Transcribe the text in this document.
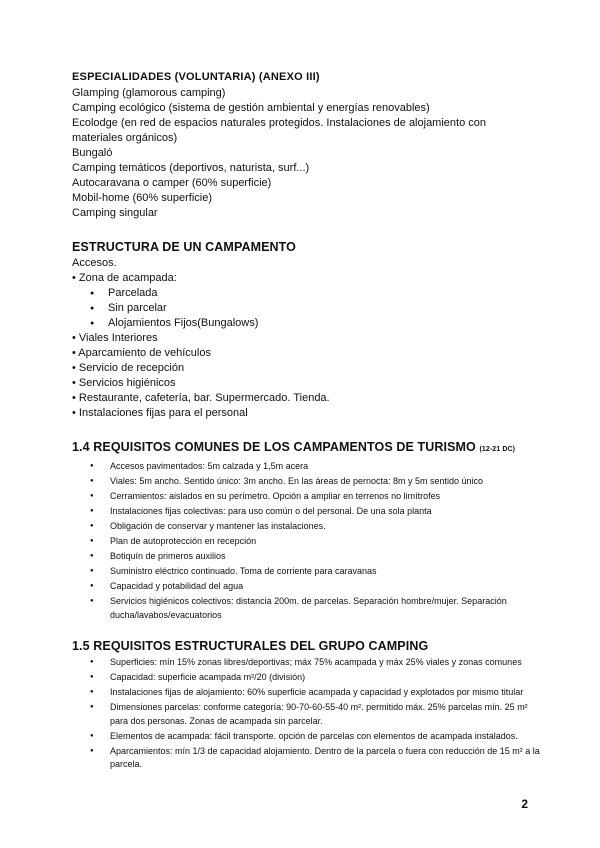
ESPECIALIDADES (VOLUNTARIA) (ANEXO III)
Glamping (glamorous camping)
Camping ecológico (sistema de gestión ambiental y energías renovables)
Ecolodge (en red de espacios naturales protegidos. Instalaciones de alojamiento con
materiales orgánicos)
Bungaló
Camping temáticos (deportivos, naturista, surf...)
Autocaravana o camper (60% superficie)
Mobil-home (60% superficie)
Camping singular
ESTRUCTURA DE UN CAMPAMENTO
Accesos.
• Zona de acampada:
● Parcelada
● Sin parcelar
● Alojamientos Fijos(Bungalows)
• Viales Interiores
• Aparcamiento de vehículos
• Servicio de recepción
• Servicios higiénicos
• Restaurante, cafetería, bar. Supermercado. Tienda.
• Instalaciones fijas para el personal
1.4 REQUISITOS COMUNES DE LOS CAMPAMENTOS DE TURISMO (12-21 DC)
● Accesos pavimentados: 5m calzada y 1,5m acera
● Viales: 5m ancho. Sentido único: 3m ancho. En las áreas de pernocta: 8m y 5m sentido único
● Cerramientos: aislados en su perímetro. Opción a ampliar en terrenos no limítrofes
● Instalaciones fijas colectivas: para uso común o del personal. De una sola planta
● Obligación de conservar y mantener las instalaciones.
● Plan de autoprotección en recepción
● Botiquín de primeros auxilios
● Suministro eléctrico continuado. Toma de corriente para caravanas
● Capacidad y potabilidad del agua
● Servicios higiénicos colectivos: distancia 200m. de parcelas. Separación hombre/mujer. Separación ducha/lavabos/evacuatorios
1.5 REQUISITOS ESTRUCTURALES DEL GRUPO CAMPING
● Superficies: mín 15% zonas libres/deportivas; máx 75% acampada y máx 25% viales y zonas comunes
● Capacidad: superficie acampada m²/20 (división)
● Instalaciones fijas de alojamiento: 60% superficie acampada y capacidad y explotados por mismo titular
● Dimensiones parcelas: conforme categoría: 90-70-60-55-40 m². permitido máx. 25% parcelas mín. 25 m² para dos personas. Zonas de acampada sin parcelar.
● Elementos de acampada: fácil transporte. opción de parcelas con elementos de acampada instalados.
● Aparcamientos: mín 1/3 de capacidad alojamiento. Dentro de la parcela o fuera con reducción de 15 m² a la parcela.
2
